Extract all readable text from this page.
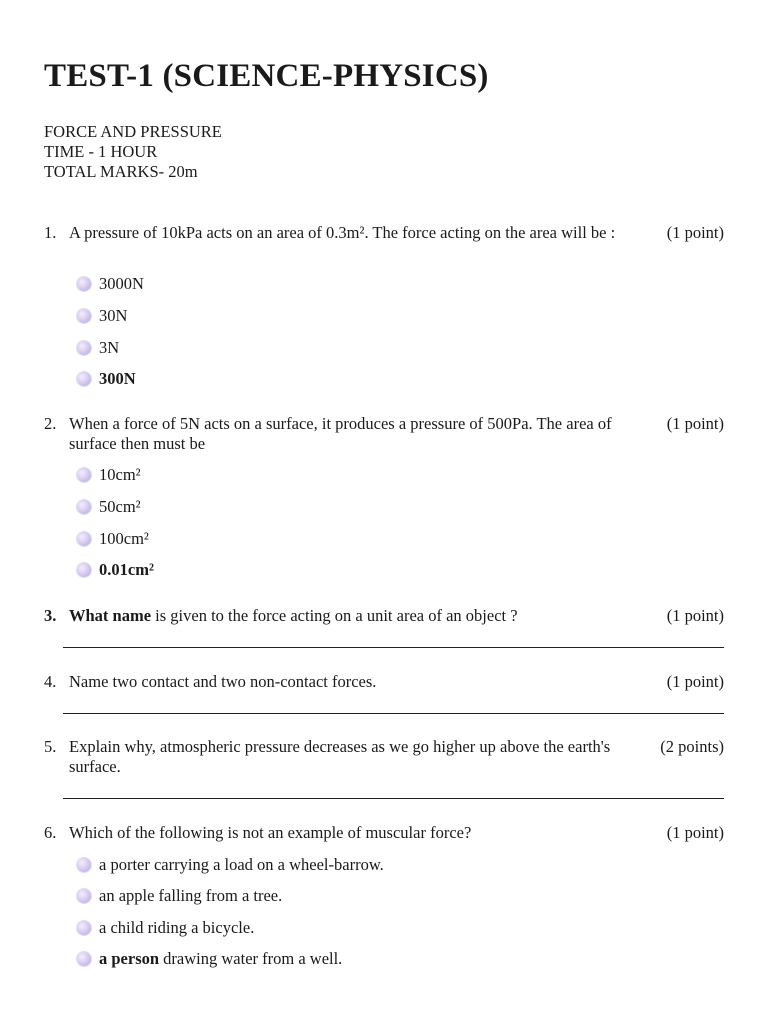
TEST-1 (SCIENCE-PHYSICS)
FORCE AND PRESSURE
TIME - 1 HOUR
TOTAL MARKS- 20m
1. A pressure of 10kPa acts on an area of 0.3m². The force acting on the area will be :	(1 point)
3000N
30N
3N
300N
2. When a force of 5N acts on a surface, it produces a pressure of 500Pa. The area of surface then must be
(1 point)
10cm²
50cm²
100cm²
0.01cm²
3. What name is given to the force acting on a unit area of an object ?	(1 point)
4. Name two contact and two non-contact forces.	(1 point)
5. Explain why, atmospheric pressure decreases as we go higher up above the earth's surface.
(2 points)
6. Which of the following is not an example of muscular force?	(1 point)
a porter carrying a load on a wheel-barrow.
an apple falling from a tree.
a child riding a bicycle.
a person drawing water from a well.
